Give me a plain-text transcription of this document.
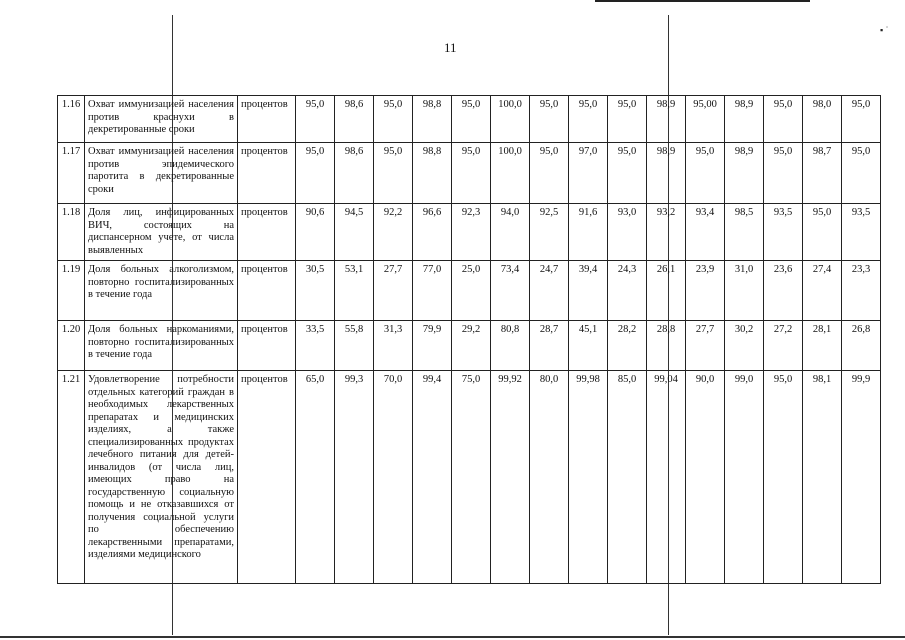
▪ ˙
11
1.16	Охват иммунизацией населения против краснухи в декретированные сроки	процентов	95,0	98,6	95,0	98,8	95,0	100,0	95,0	95,0	95,0	98,9	95,00	98,9	95,0	98,0	95,0
1.17	Охват иммунизацией населения против эпидемического паротита в декретированные сроки	процентов	95,0	98,6	95,0	98,8	95,0	100,0	95,0	97,0	95,0	98,9	95,0	98,9	95,0	98,7	95,0
1.18	Доля лиц, инфицированных ВИЧ, состоящих на диспансерном учете, от числа выявленных	процентов	90,6	94,5	92,2	96,6	92,3	94,0	92,5	91,6	93,0	93,2	93,4	98,5	93,5	95,0	93,5
1.19	Доля больных алкоголизмом, повторно госпитализированных в течение года	процентов	30,5	53,1	27,7	77,0	25,0	73,4	24,7	39,4	24,3	26,1	23,9	31,0	23,6	27,4	23,3
1.20	Доля больных наркоманиями, повторно госпитализированных в течение года	процентов	33,5	55,8	31,3	79,9	29,2	80,8	28,7	45,1	28,2	28,8	27,7	30,2	27,2	28,1	26,8
1.21	Удовлетворение потребности отдельных категорий граждан в необходимых лекарственных препаратах и медицинских изделиях, а также специализированных продуктах лечебного питания для детей-инвалидов (от числа лиц, имеющих право на государственную социальную помощь и не отказавшихся от получения социальной услуги по обеспечению лекарственными препаратами, изделиями медицинского	процентов	65,0	99,3	70,0	99,4	75,0	99,92	80,0	99,98	85,0	99,04	90,0	99,0	95,0	98,1	99,9
